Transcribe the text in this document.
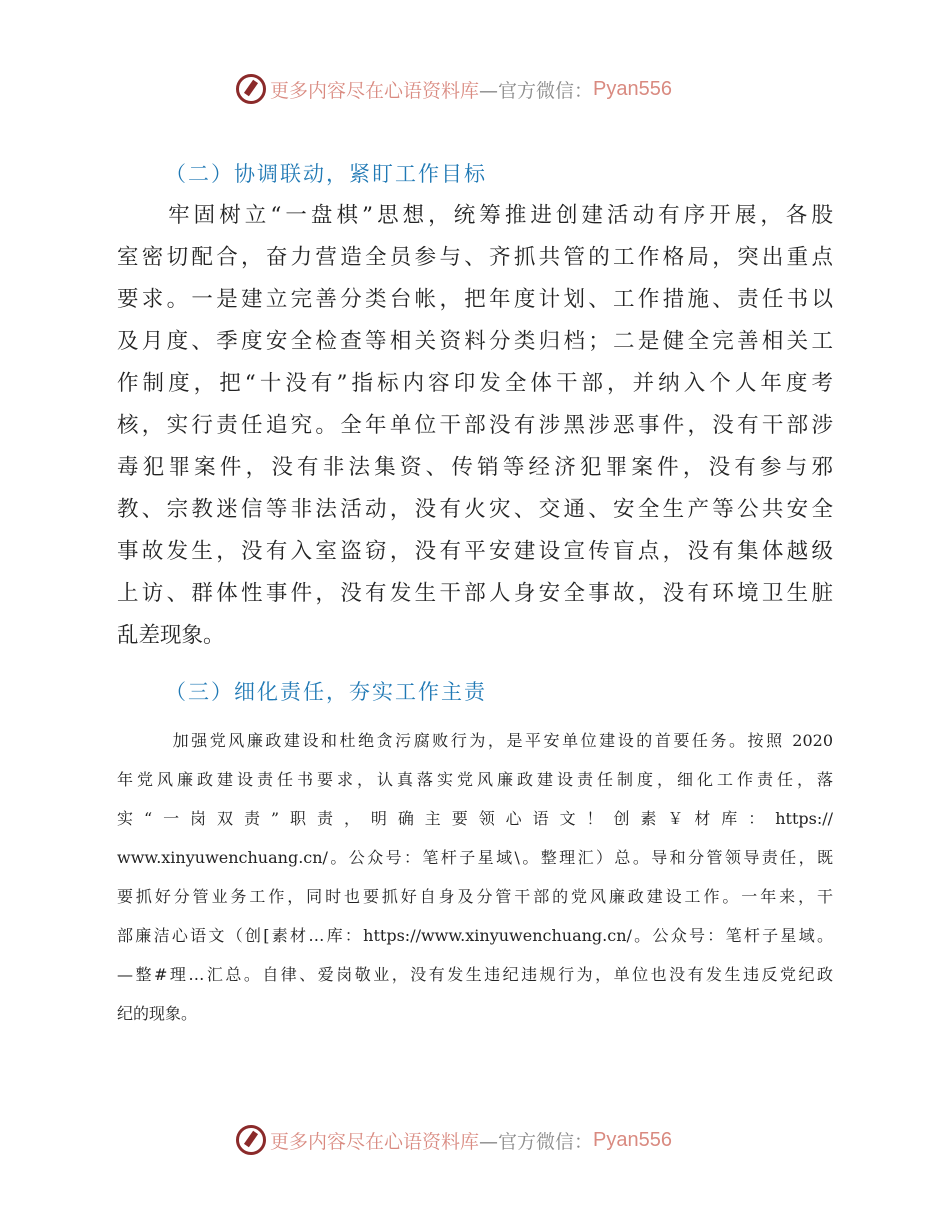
更多内容尽在心语资料库 —官方微信： Pyan556
（二）协调联动，紧盯工作目标
　　牢固树立“一盘棋”思想，统筹推进创建活动有序开展，各股
室密切配合，奋力营造全员参与、齐抓共管的工作格局，突出重点
要求。一是建立完善分类台帐，把年度计划、工作措施、责任书以
及月度、季度安全检查等相关资料分类归档；二是健全完善相关工
作制度，把“十没有”指标内容印发全体干部，并纳入个人年度考
核，实行责任追究。全年单位干部没有涉黑涉恶事件，没有干部涉
毒犯罪案件，没有非法集资、传销等经济犯罪案件，没有参与邪
教、宗教迷信等非法活动，没有火灾、交通、安全生产等公共安全
事故发生，没有入室盗窃，没有平安建设宣传盲点，没有集体越级
上访、群体性事件，没有发生干部人身安全事故，没有环境卫生脏
乱差现象。
（三）细化责任，夯实工作主责
　　　加强党风廉政建设和杜绝贪污腐败行为，是平安单位建设的首要任务。按照 2020
年党风廉政建设责任书要求，认真落实党风廉政建设责任制度，细化工作责任，落
实“一岗双责”职责，明确主要领心语文！创素￥材库：https://
www.xinyuwenchuang.cn/。公众号：笔杆子星域\。整理汇）总。导和分管领导责任，既
要抓好分管业务工作，同时也要抓好自身及分管干部的党风廉政建设工作。一年来，干
部廉洁心语文（创[素材…库：https://www.xinyuwenchuang.cn/。公众号：笔杆子星域。
—整#理…汇总。自律、爱岗敬业，没有发生违纪违规行为，单位也没有发生违反党纪政
纪的现象。
更多内容尽在心语资料库 —官方微信： Pyan556
